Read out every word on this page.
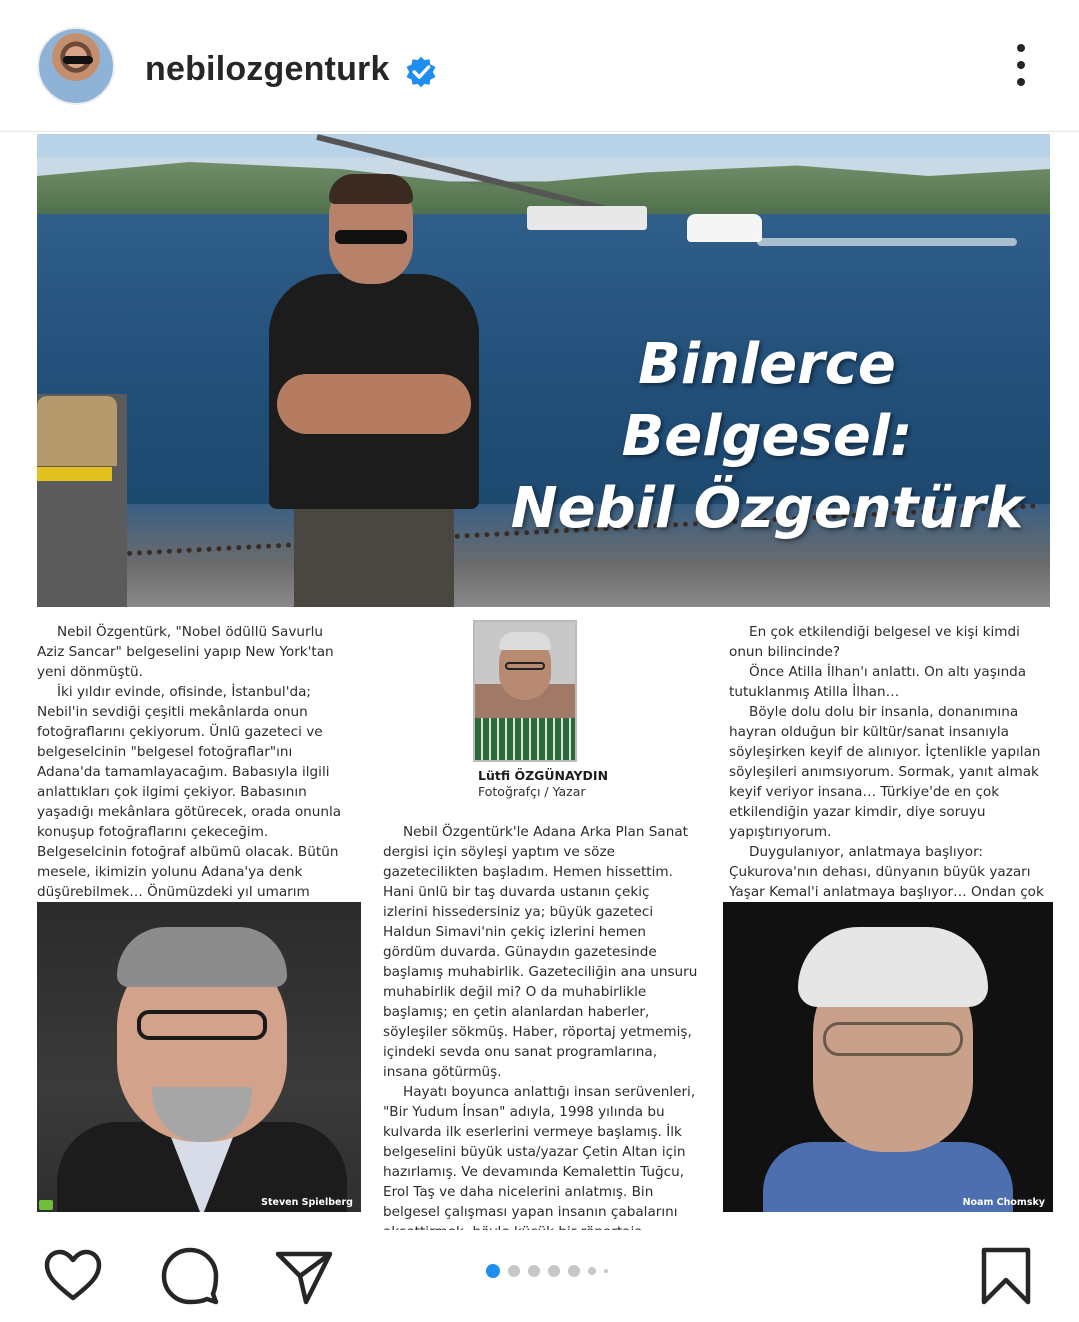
nebilozgenturk
Binlerce Belgesel:
Nebil Özgentürk

Nebil Özgentürk, "Nobel ödüllü Savurlu Aziz Sancar" belgeselini yapıp New York'tan yeni dönmüştü.

İki yıldır evinde, ofisinde, İstanbul'da; Nebil'in sevdiği çeşitli mekânlarda onun fotoğraflarını çekiyorum. Ünlü gazeteci ve belgeselcinin "belgesel fotoğraflar"ını Adana'da tamamlayacağım. Babasıyla ilgili anlattıkları çok ilgimi çekiyor. Babasının yaşadığı mekânlara götürecek, orada onunla konuşup fotoğraflarını çekeceğim. Belgeselcinin fotoğraf albümü olacak. Bütün mesele, ikimizin yolunu Adana'ya denk düşürebilmek… Önümüzdeki yıl umarım

Lütfi ÖZGÜNAYDIN
Fotoğrafçı / Yazar

Nebil Özgentürk'le Adana Arka Plan Sanat dergisi için söyleşi yaptım ve söze gazetecilikten başladım. Hemen hissettim. Hani ünlü bir taş duvarda ustanın çekiç izlerini hissedersiniz ya; büyük gazeteci Haldun Simavi'nin çekiç izlerini hemen gördüm duvarda. Günaydın gazetesinde başlamış muhabirlik. Gazeteciliğin ana unsuru muhabirlik değil mi? O da muhabirlikle başlamış; en çetin alanlardan haberler, söyleşiler sökmüş. Haber, röportaj yetmemiş, içindeki sevda onu sanat programlarına, insana götürmüş.

Hayatı boyunca anlattığı insan serüvenleri, "Bir Yudum İnsan" adıyla, 1998 yılında bu kulvarda ilk eserlerini vermeye başlamış. İlk belgeselini büyük usta/yazar Çetin Altan için hazırlamış. Ve devamında Kemalettin Tuğcu, Erol Taş ve daha nicelerini anlatmış. Bin belgesel çalışması yapan insanın çabalarını

En çok etkilendiği belgesel ve kişi kimdi onun bilincinde?

Önce Atilla İlhan'ı anlattı. On altı yaşında tutuklanmış Atilla İlhan…

Böyle dolu dolu bir insanla, donanımına hayran olduğun bir kültür/sanat insanıyla söyleşirken keyif de alınıyor. İçtenlikle yapılan söyleşileri anımsıyorum. Sormak, yanıt almak keyif veriyor insana… Türkiye'de en çok etkilendiğin yazar kimdir, diye soruyu yapıştırıyorum.

Duygulanıyor, anlatmaya başlıyor: Çukurova'nın dehası, dünyanın büyük yazarı Yaşar Kemal'i anlatmaya başlıyor… Ondan çok

Steven Spielberg	Noam Chomsky
